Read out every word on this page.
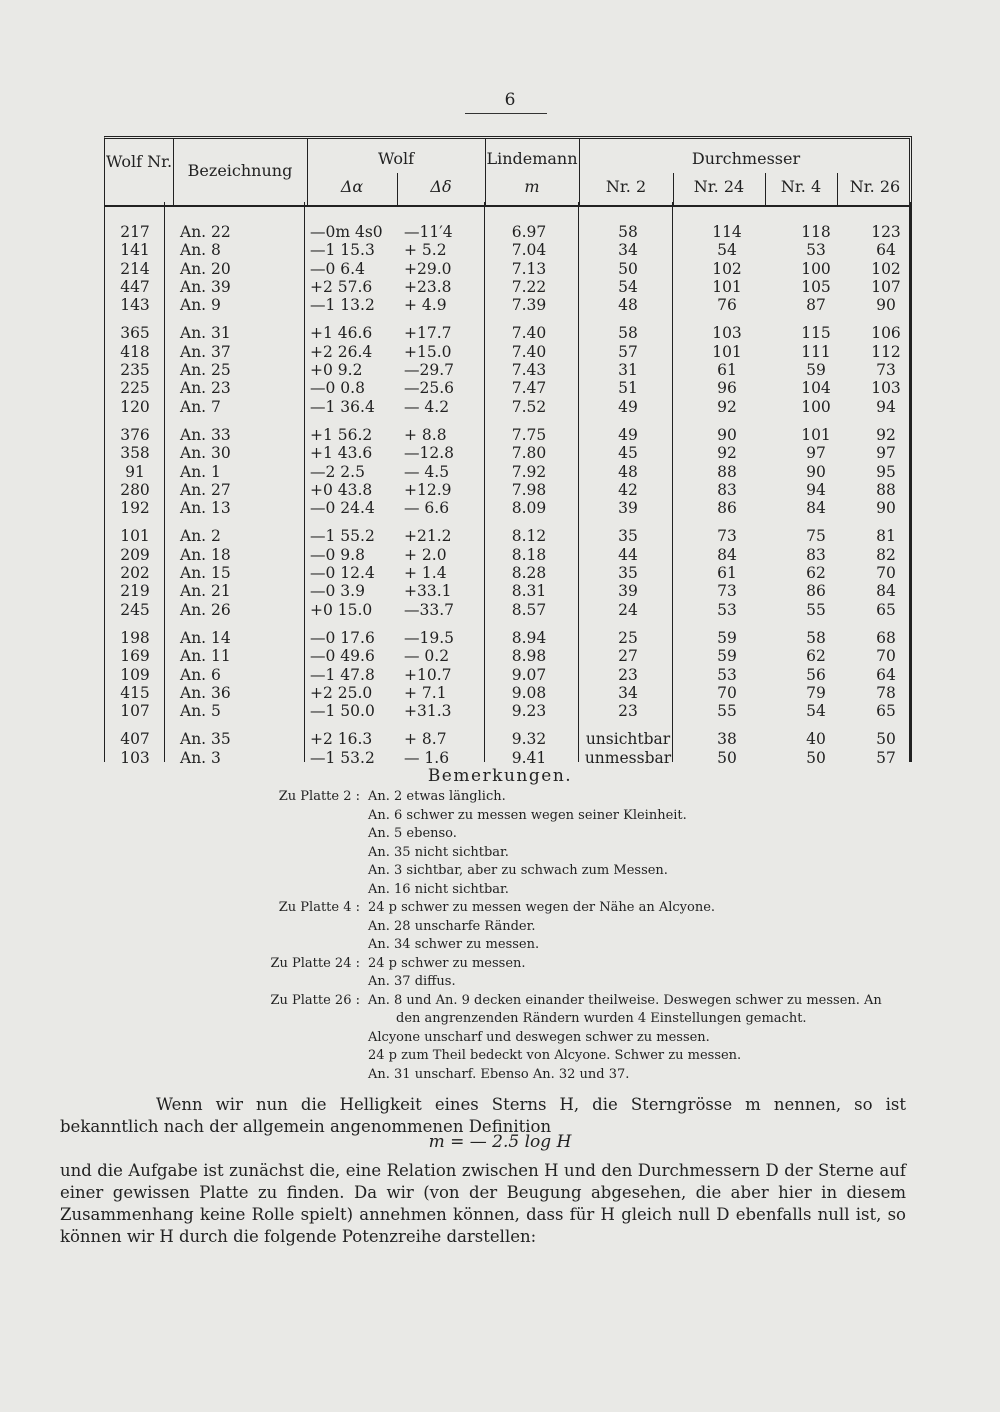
6
Wolf Nr. Bezeichnung
Wolf
Δα	Δδ
Lindemann
m
Durchmesser
Nr. 2	Nr. 24	Nr. 4	Nr. 26
217	An. 22	—0m 4s0	—11′4	6.97	58	114	118	123
141	An. 8	—1 15.3	+ 5.2	7.04	34	54	53	64
214	An. 20	—0 6.4	+29.0	7.13	50	102	100	102
447	An. 39	+2 57.6	+23.8	7.22	54	101	105	107
143	An. 9	—1 13.2	+ 4.9	7.39	48	76	87	90
365	An. 31	+1 46.6	+17.7	7.40	58	103	115	106
418	An. 37	+2 26.4	+15.0	7.40	57	101	111	112
235	An. 25	+0 9.2	—29.7	7.43	31	61	59	73
225	An. 23	—0 0.8	—25.6	7.47	51	96	104	103
120	An. 7	—1 36.4	— 4.2	7.52	49	92	100	94
376	An. 33	+1 56.2	+ 8.8	7.75	49	90	101	92
358	An. 30	+1 43.6	—12.8	7.80	45	92	97	97
91	An. 1	—2 2.5	— 4.5	7.92	48	88	90	95
280	An. 27	+0 43.8	+12.9	7.98	42	83	94	88
192	An. 13	—0 24.4	— 6.6	8.09	39	86	84	90
101	An. 2	—1 55.2	+21.2	8.12	35	73	75	81
209	An. 18	—0 9.8	+ 2.0	8.18	44	84	83	82
202	An. 15	—0 12.4	+ 1.4	8.28	35	61	62	70
219	An. 21	—0 3.9	+33.1	8.31	39	73	86	84
245	An. 26	+0 15.0	—33.7	8.57	24	53	55	65
198	An. 14	—0 17.6	—19.5	8.94	25	59	58	68
169	An. 11	—0 49.6	— 0.2	8.98	27	59	62	70
109	An. 6	—1 47.8	+10.7	9.07	23	53	56	64
415	An. 36	+2 25.0	+ 7.1	9.08	34	70	79	78
107	An. 5	—1 50.0	+31.3	9.23	23	55	54	65
407	An. 35	+2 16.3	+ 8.7	9.32	unsichtbar	38	40	50
103	An. 3	—1 53.2	— 1.6	9.41	unmessbar	50	50	57
Bemerkungen.
Zu Platte 2 : An. 2 etwas länglich.
An. 6 schwer zu messen wegen seiner Kleinheit.
An. 5 ebenso.
An. 35 nicht sichtbar.
An. 3 sichtbar, aber zu schwach zum Messen.
An. 16 nicht sichtbar.
Zu Platte 4 : 24 p schwer zu messen wegen der Nähe an Alcyone.
An. 28 unscharfe Ränder.
An. 34 schwer zu messen.
Zu Platte 24 : 24 p schwer zu messen.
An. 37 diffus.
Zu Platte 26 : An. 8 und An. 9 decken einander theilweise. Deswegen schwer zu messen. An
den angrenzenden Rändern wurden 4 Einstellungen gemacht.
Alcyone unscharf und deswegen schwer zu messen.
24 p zum Theil bedeckt von Alcyone. Schwer zu messen.
An. 31 unscharf. Ebenso An. 32 und 37.
Wenn wir nun die Helligkeit eines Sterns H, die Sterngrösse m nennen, so ist bekanntlich nach der allgemein angenommenen Definition
m = — 2.5 log H
und die Aufgabe ist zunächst die, eine Relation zwischen H und den Durchmessern D der Sterne auf einer gewissen Platte zu finden. Da wir (von der Beugung abgesehen, die aber hier in diesem Zusammenhang keine Rolle spielt) annehmen können, dass für H gleich null D ebenfalls null ist, so können wir H durch die folgende Potenzreihe darstellen:
